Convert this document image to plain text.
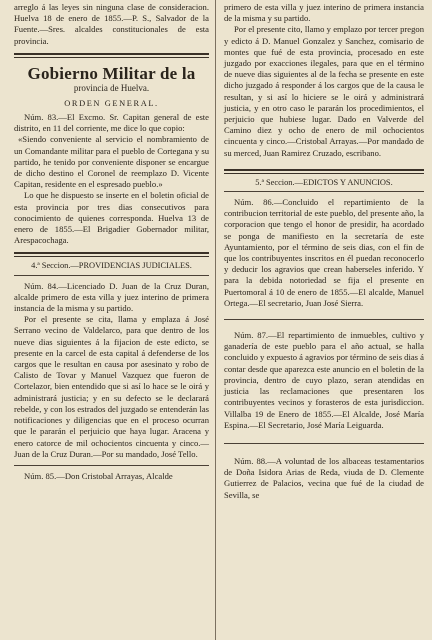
arreglo á las leyes sin ninguna clase de consideracion. Huelva 18 de enero de 1855.—P. S., Salvador de la Fuente.—Sres. alcaldes constitucionales de esta provincia.

Gobierno Militar de la
provincia de Huelva.
ORDEN GENERAL.

Núm. 83.—El Excmo. Sr. Capitan general de este distrito, en 11 del corriente, me dice lo que copio:

«Siendo conveniente al servicio el nombramiento de un Comandante militar para el pueblo de Cortegana y su partido, he tenido por conveniente disponer se encargue de dicho destino el Coronel de reemplazo D. Vicente Capitan, residente en el espresado pueblo.»

Lo que he dispuesto se inserte en el boletin oficial de esta provincia por tres dias consecutivos para conocimiento de quienes corresponda. Huelva 13 de enero de 1855.—El Brigadier Gobernador militar, Arespacochaga.

4.ª Seccion.—PROVIDENCIAS JUDICIALES.

Núm. 84.—Licenciado D. Juan de la Cruz Duran, alcalde primero de esta villa y juez interino de primera instancia de la misma y su partido.

Por el presente se cita, llama y emplaza á José Serrano vecino de Valdelarco, para que dentro de los nueve dias siguientes á la fijacion de este edicto, se presente en la carcel de esta capital á defenderse de los cargos que le resultan en causa por asesinato y robo de Calisto de Tovar y Manuel Vazquez que fueron de Cortelazor, bien entendido que si así lo hace se le oirá y administrará justicia; y en su defecto se le declarará rebelde, y con los estrados del juzgado se entenderán las notificaciones y diligencias que en el proceso ocurran que le pararán el perjuicio que haya lugar. Aracena y enero catorce de mil ochocientos cincuenta y cinco.—Juan de la Cruz Duran.—Por su mandado, José Tello.

Núm. 85.—Don Cristobal Arrayas, Alcalde

primero de esta villa y juez interino de primera instancia de la misma y su partido.

Por el presente cito, llamo y emplazo por tercer pregon y edicto á D. Manuel Gonzalez y Sanchez, comisario de montes que fué de esta provincia, procesado en este juzgado por exacciones ilegales, para que en el término de nueve dias siguientes al de la fecha se presente en este dicho juzgado á responder á los cargos que de la causa le resultan, y si así lo hiciere se le oirá y administrará justicia, y en otro caso le pararán los procedimientos, el perjuicio que hubiese lugar. Dado en Valverde del Camino diez y ocho de enero de mil ochocientos cincuenta y cinco.—Cristobal Arrayas.—Por mandado de su merced, Juan Ramirez Cruzado, escribano.

5.ª Seccion.—EDICTOS Y ANUNCIOS.

Núm. 86.—Concluido el repartimiento de la contribucion territorial de este pueblo, del presente año, la corporacion que tengo el honor de presidir, ha acordado se ponga de manifiesto en la secretaría de este Ayuntamiento, por el término de seis dias, con el fin de que los contribuyentes inscritos en él puedan reconocerlo y deducir los agravios que crean haberseles inferido. Y para la debida notoriedad se fija el presente en Puertomoral á 10 de enero de 1855.—El alcalde, Manuel Ortega.—El secretario, Juan José Sierra.

Núm. 87.—El repartimiento de inmuebles, cultivo y ganadería de este pueblo para el año actual, se halla concluido y expuesto á agravios por término de seis dias á contar desde que aparezca este anuncio en el boletin de la provincia, dentro de cuyo plazo, seran atendidas en justicia las reclamaciones que presentaren los contribuyentes vecinos y forasteros de esta jurisdiccion. Villalba 19 de Enero de 1855.—El Alcalde, José María Espina.—El Secretario, José María Leiguarda.

Núm. 88.—A voluntad de los albaceas testamentarios de Doña Isidora Arias de Reda, viuda de D. Clemente Gutierrez de Palacios, vecina que fué de la ciudad de Sevilla, se
